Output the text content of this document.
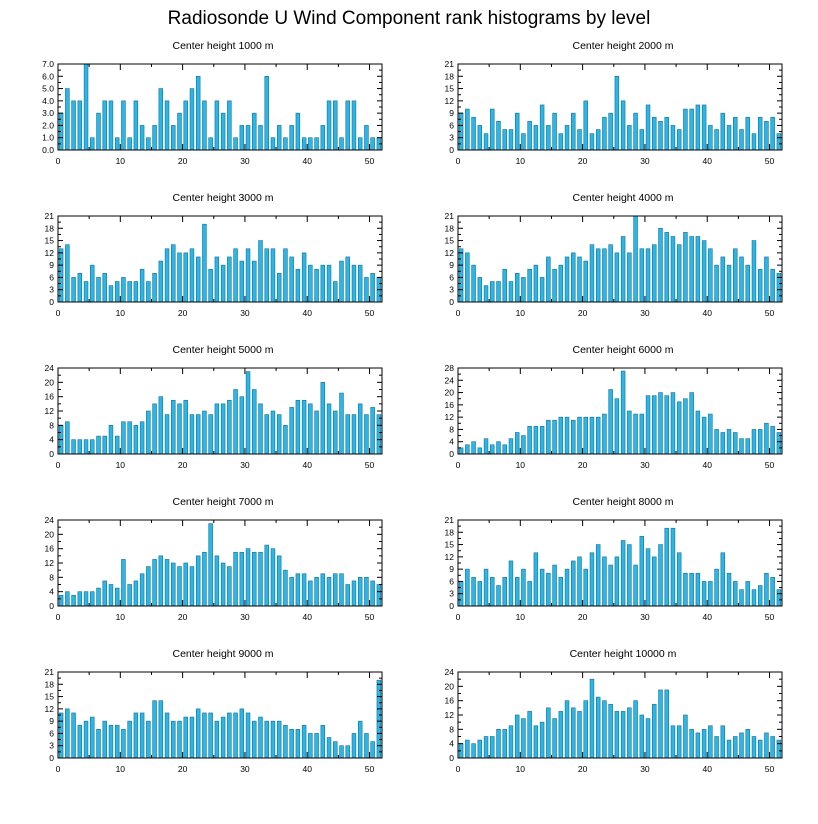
Radiosonde U Wind Component rank histograms by level
Center height 1000 m
0.0
1.0
2.0
3.0
4.0
5.0
6.0
7.0
0	10	20	30	40	50
Center height 2000 m
0
3
6
9
12
15
18
21
0	10	20	30	40	50
Center height 3000 m
0
3
6
9
12
15
18
21
0	10	20	30	40	50
Center height 4000 m
0
3
6
9
12
15
18
21
0	10	20	30	40	50
Center height 5000 m
0
4
8
12
16
20
24
0	10	20	30	40	50
Center height 6000 m
0
4
8
12
16
20
24
28
0	10	20	30	40	50
Center height 7000 m
0
4
8
12
16
20
24
0	10	20	30	40	50
Center height 8000 m
0
3
6
9
12
15
18
21
0	10	20	30	40	50
Center height 9000 m
0
3
6
9
12
15
18
21
0	10	20	30	40	50
Center height 10000 m
0
4
8
12
16
20
24
0	10	20	30	40	50
